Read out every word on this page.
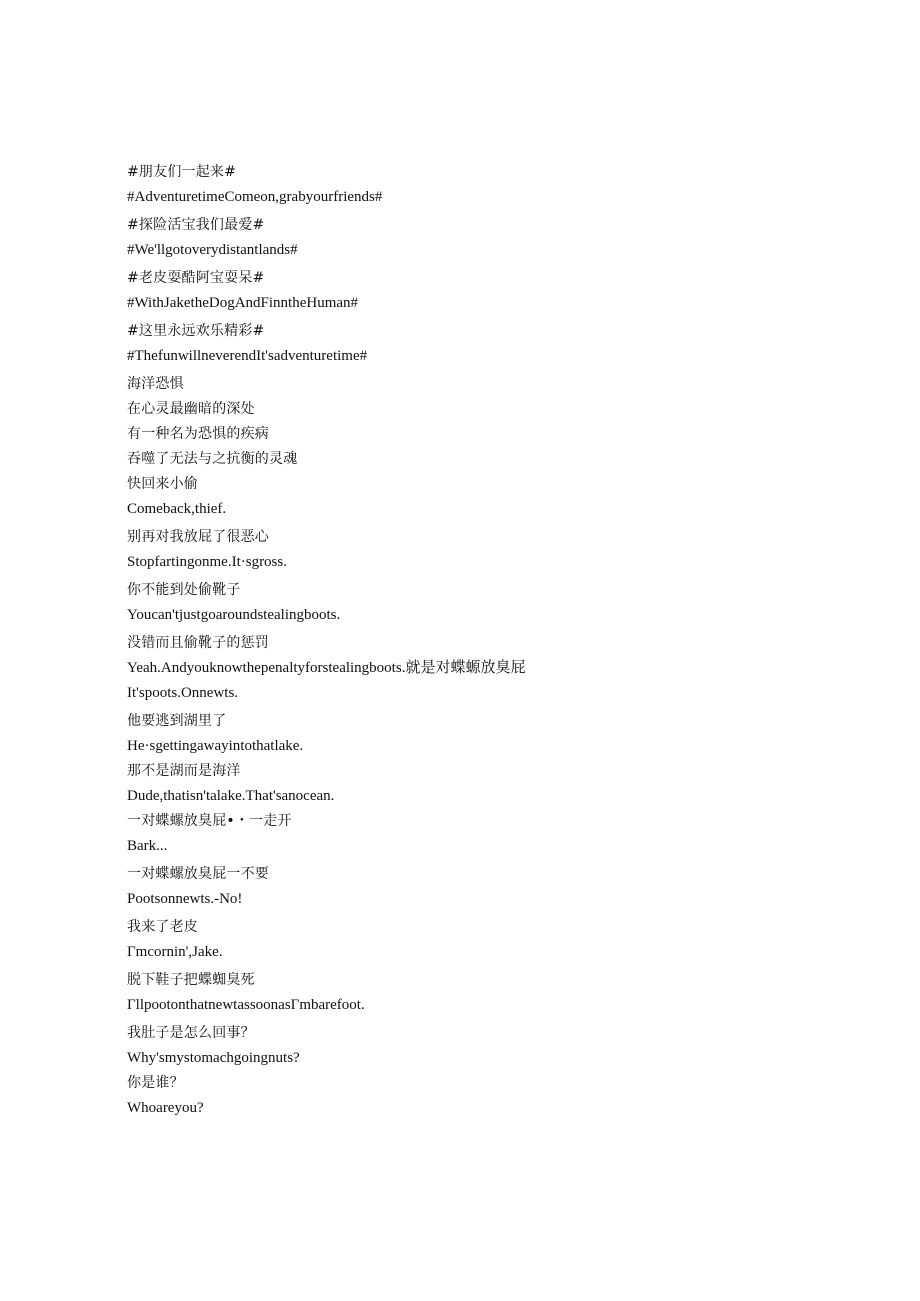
#朋友们一起来#
#AdventuretimeComeon,grabyourfriends#
#探险活宝我们最爱#
#We'llgotoverydistantlands#
#老皮耍酷阿宝耍呆#
#WithJaketheDogAndFinntheHuman#
#这里永远欢乐精彩#
#ThefunwillneverendIt'sadventuretime#
海洋恐惧
在心灵最幽暗的深处
有一种名为恐惧的疾病
吞噬了无法与之抗衡的灵魂
快回来小偷
Comeback,thief.
别再对我放屁了很恶心
Stopfartingonme.It·sgross.
你不能到处偷靴子
Youcan'tjustgoaroundstealingboots.
没错而且偷靴子的惩罚
Yeah.Andyouknowthepenaltyforstealingboots.就是对蝶螈放臭屁
It'spoots.Onnewts.
他要逃到湖里了
He·sgettingawayintothatlake.
那不是湖而是海洋
Dude,thatisn'talake.That'sanocean.
一对蝶螺放臭屁•・一走开
Bark...
一对蝶螺放臭屁一不要
Pootsonnewts.-No!
我来了老皮
Γmcornin',Jake.
脱下鞋子把蝶蜘臭死
ΓllpootonthatnewtassoonasΓmbarefoot.
我肚子是怎么回事？
Why'smystomachgoingnuts?
你是谁？
Whoareyou?
